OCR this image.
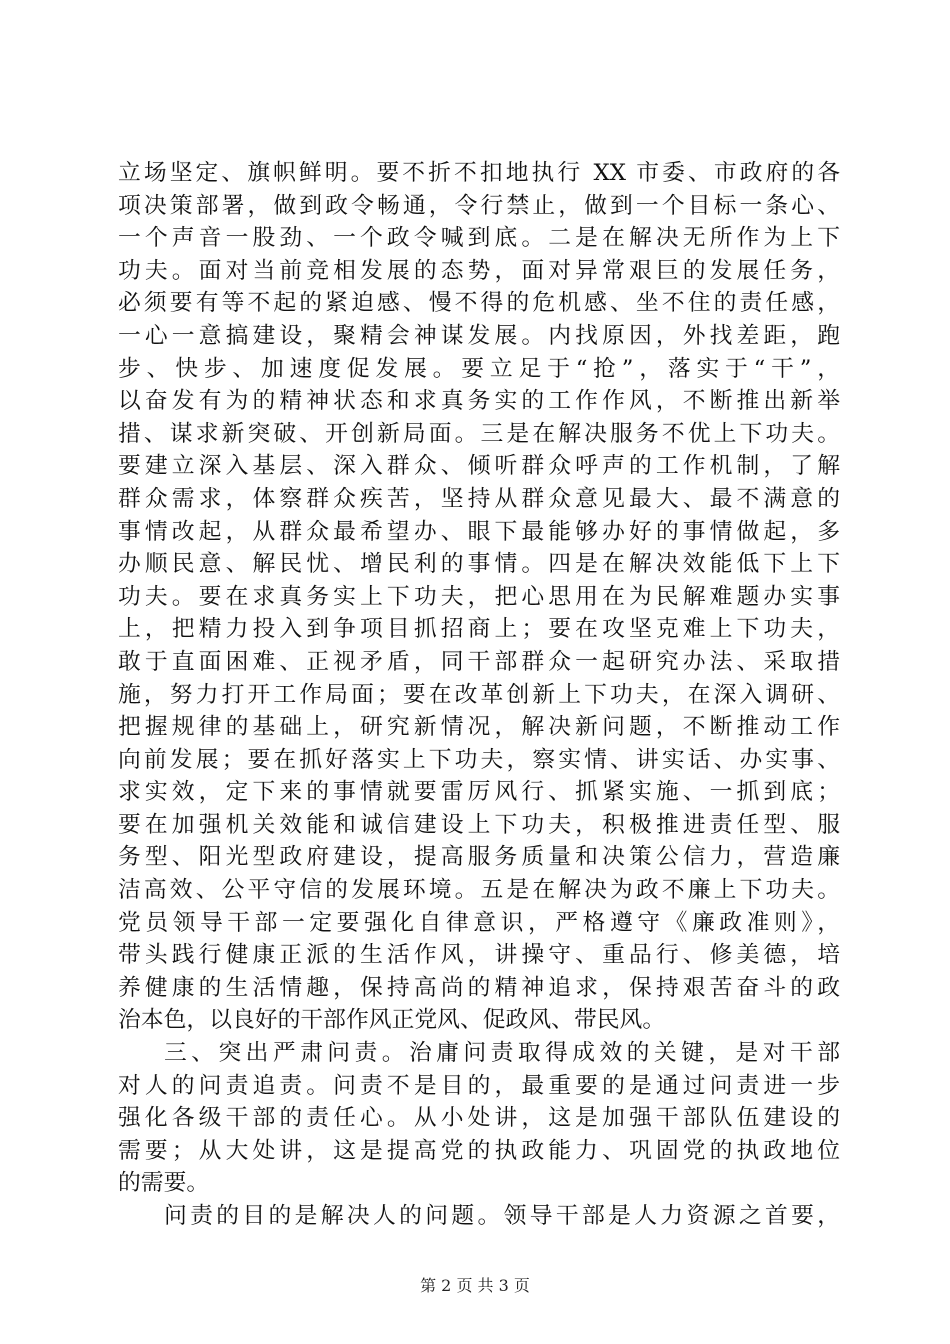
立场坚定、旗帜鲜明。要不折不扣地执行 XX 市委、市政府的各
项决策部署，做到政令畅通，令行禁止，做到一个目标一条心、
一个声音一股劲、一个政令喊到底。二是在解决无所作为上下
功夫。面对当前竞相发展的态势，面对异常艰巨的发展任务，
必须要有等不起的紧迫感、慢不得的危机感、坐不住的责任感，
一心一意搞建设，聚精会神谋发展。内找原因，外找差距，跑
步、快步、加速度促发展。要立足于“抢”，落实于“干”，
以奋发有为的精神状态和求真务实的工作作风，不断推出新举
措、谋求新突破、开创新局面。三是在解决服务不优上下功夫。
要建立深入基层、深入群众、倾听群众呼声的工作机制，了解
群众需求，体察群众疾苦，坚持从群众意见最大、最不满意的
事情改起，从群众最希望办、眼下最能够办好的事情做起，多
办顺民意、解民忧、增民利的事情。四是在解决效能低下上下
功夫。要在求真务实上下功夫，把心思用在为民解难题办实事
上，把精力投入到争项目抓招商上；要在攻坚克难上下功夫，
敢于直面困难、正视矛盾，同干部群众一起研究办法、采取措
施，努力打开工作局面；要在改革创新上下功夫，在深入调研、
把握规律的基础上，研究新情况，解决新问题，不断推动工作
向前发展；要在抓好落实上下功夫，察实情、讲实话、办实事、
求实效，定下来的事情就要雷厉风行、抓紧实施、一抓到底；
要在加强机关效能和诚信建设上下功夫，积极推进责任型、服
务型、阳光型政府建设，提高服务质量和决策公信力，营造廉
洁高效、公平守信的发展环境。五是在解决为政不廉上下功夫。
党员领导干部一定要强化自律意识，严格遵守《廉政准则》，
带头践行健康正派的生活作风，讲操守、重品行、修美德，培
养健康的生活情趣，保持高尚的精神追求，保持艰苦奋斗的政
治本色，以良好的干部作风正党风、促政风、带民风。
三、突出严肃问责。治庸问责取得成效的关键，是对干部
对人的问责追责。问责不是目的，最重要的是通过问责进一步
强化各级干部的责任心。从小处讲，这是加强干部队伍建设的
需要；从大处讲，这是提高党的执政能力、巩固党的执政地位
的需要。
问责的目的是解决人的问题。领导干部是人力资源之首要，
第 2 页 共 3 页
